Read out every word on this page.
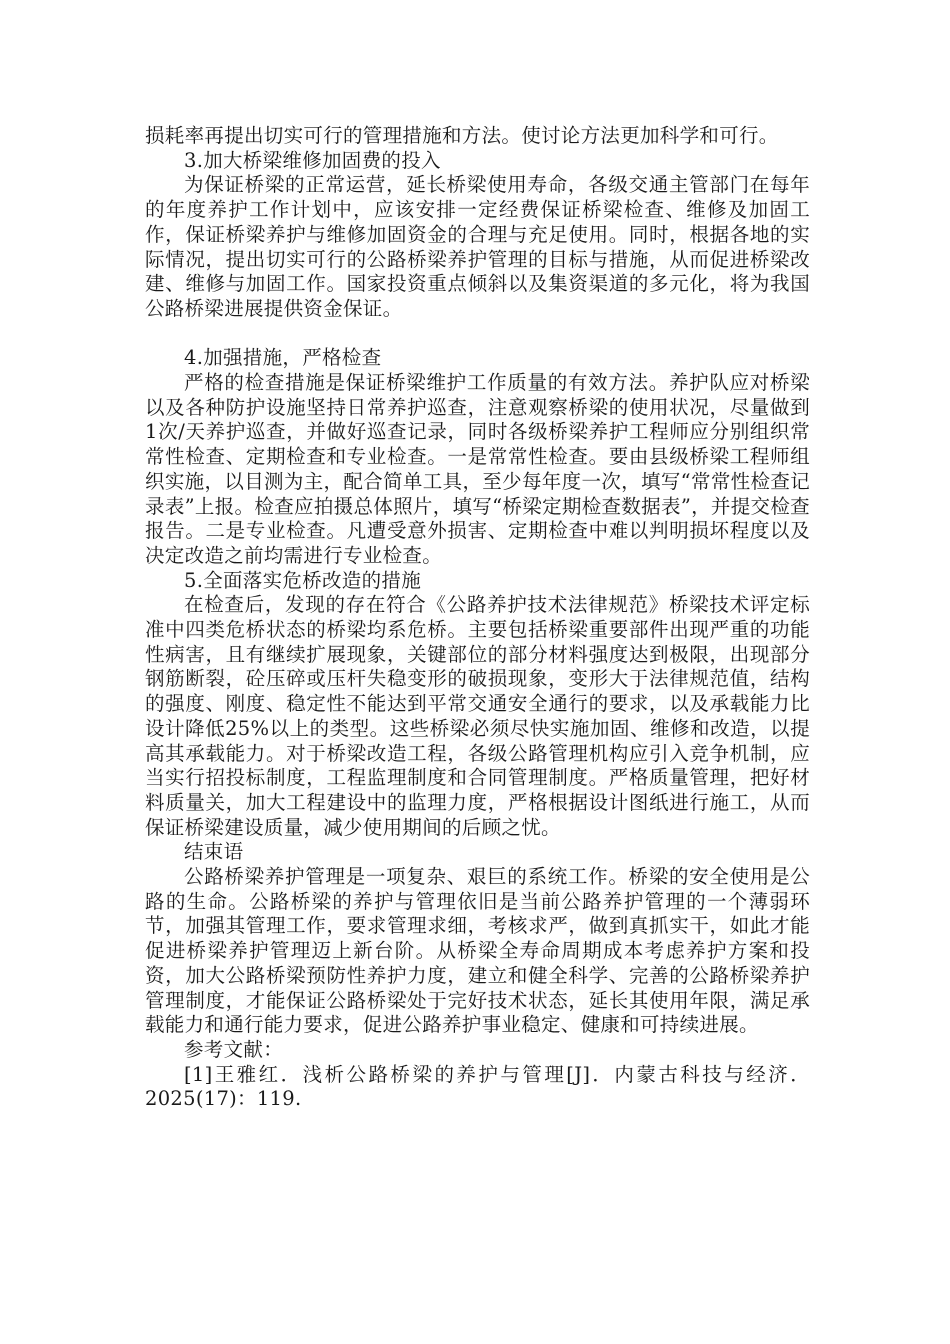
损耗率再提出切实可行的管理措施和方法。使讨论方法更加科学和可行。

3.加大桥梁维修加固费的投入

为保证桥梁的正常运营，延长桥梁使用寿命，各级交通主管部门在每年的年度养护工作计划中，应该安排一定经费保证桥梁检查、维修及加固工作，保证桥梁养护与维修加固资金的合理与充足使用。同时，根据各地的实际情况，提出切实可行的公路桥梁养护管理的目标与措施，从而促进桥梁改建、维修与加固工作。国家投资重点倾斜以及集资渠道的多元化，将为我国公路桥梁进展提供资金保证。

4.加强措施，严格检查

严格的检查措施是保证桥梁维护工作质量的有效方法。养护队应对桥梁以及各种防护设施坚持日常养护巡查，注意观察桥梁的使用状况，尽量做到1次/天养护巡查，并做好巡查记录，同时各级桥梁养护工程师应分别组织常常性检查、定期检查和专业检查。一是常常性检查。要由县级桥梁工程师组织实施，以目测为主，配合简单工具，至少每年度一次，填写“常常性检查记录表”上报。检查应拍摄总体照片，填写“桥梁定期检查数据表”，并提交检查报告。二是专业检查。凡遭受意外损害、定期检查中难以判明损坏程度以及决定改造之前均需进行专业检查。

5.全面落实危桥改造的措施

在检查后，发现的存在符合《公路养护技术法律规范》桥梁技术评定标准中四类危桥状态的桥梁均系危桥。主要包括桥梁重要部件出现严重的功能性病害，且有继续扩展现象，关键部位的部分材料强度达到极限，出现部分钢筋断裂，砼压碎或压杆失稳变形的破损现象，变形大于法律规范值，结构的强度、刚度、稳定性不能达到平常交通安全通行的要求，以及承载能力比设计降低25%以上的类型。这些桥梁必须尽快实施加固、维修和改造，以提高其承载能力。对于桥梁改造工程，各级公路管理机构应引入竞争机制，应当实行招投标制度，工程监理制度和合同管理制度。严格质量管理，把好材料质量关，加大工程建设中的监理力度，严格根据设计图纸进行施工，从而保证桥梁建设质量，减少使用期间的后顾之忧。

结束语

公路桥梁养护管理是一项复杂、艰巨的系统工作。桥梁的安全使用是公路的生命。公路桥梁的养护与管理依旧是当前公路养护管理的一个薄弱环节，加强其管理工作，要求管理求细，考核求严，做到真抓实干，如此才能促进桥梁养护管理迈上新台阶。从桥梁全寿命周期成本考虑养护方案和投资，加大公路桥梁预防性养护力度，建立和健全科学、完善的公路桥梁养护管理制度，才能保证公路桥梁处于完好技术状态，延长其使用年限，满足承载能力和通行能力要求，促进公路养护事业稳定、健康和可持续进展。

参考文献：

[1]王雅红．浅析公路桥梁的养护与管理[J]．内蒙古科技与经济．2025(17)：119.
